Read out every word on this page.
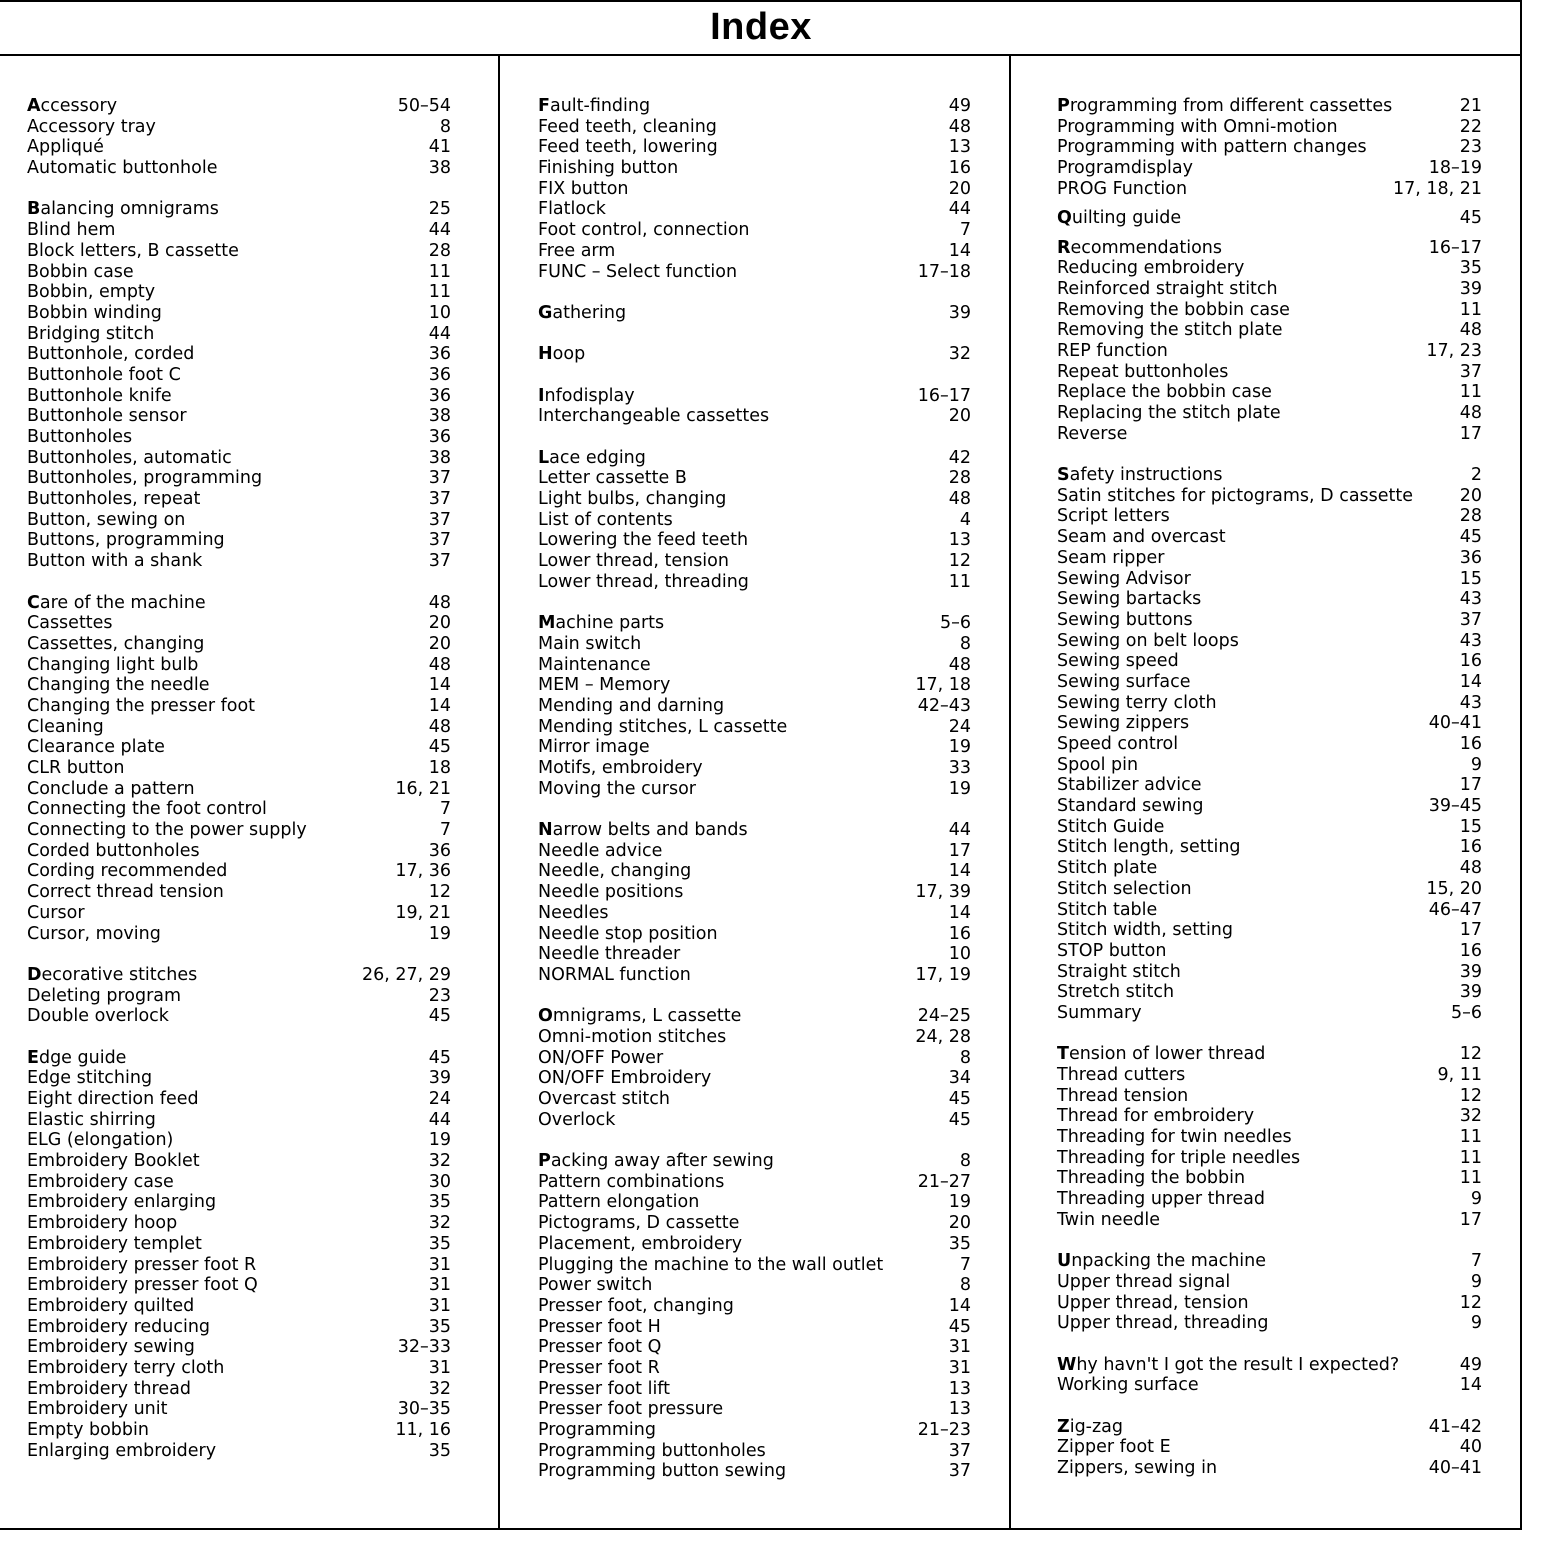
Index
Accessory	50–54
Accessory tray	8
Appliqué	41
Automatic buttonhole	38
Balancing omnigrams	25
Blind hem	44
Block letters, B cassette	28
Bobbin case	11
Bobbin, empty	11
Bobbin winding	10
Bridging stitch	44
Buttonhole, corded	36
Buttonhole foot C	36
Buttonhole knife	36
Buttonhole sensor	38
Buttonholes	36
Buttonholes, automatic	38
Buttonholes, programming	37
Buttonholes, repeat	37
Button, sewing on	37
Buttons, programming	37
Button with a shank	37
Care of the machine	48
Cassettes	20
Cassettes, changing	20
Changing light bulb	48
Changing the needle	14
Changing the presser foot	14
Cleaning	48
Clearance plate	45
CLR button	18
Conclude a pattern	16, 21
Connecting the foot control	7
Connecting to the power supply	7
Corded buttonholes	36
Cording recommended	17, 36
Correct thread tension	12
Cursor	19, 21
Cursor, moving	19
Decorative stitches	26, 27, 29
Deleting program	23
Double overlock	45
Edge guide	45
Edge stitching	39
Eight direction feed	24
Elastic shirring	44
ELG (elongation)	19
Embroidery Booklet	32
Embroidery case	30
Embroidery enlarging	35
Embroidery hoop	32
Embroidery templet	35
Embroidery presser foot R	31
Embroidery presser foot Q	31
Embroidery quilted	31
Embroidery reducing	35
Embroidery sewing	32–33
Embroidery terry cloth	31
Embroidery thread	32
Embroidery unit	30–35
Empty bobbin	11, 16
Enlarging embroidery	35
Fault-finding	49
Feed teeth, cleaning	48
Feed teeth, lowering	13
Finishing button	16
FIX button	20
Flatlock	44
Foot control, connection	7
Free arm	14
FUNC – Select function	17–18
Gathering	39
Hoop	32
Infodisplay	16–17
Interchangeable cassettes	20
Lace edging	42
Letter cassette B	28
Light bulbs, changing	48
List of contents	4
Lowering the feed teeth	13
Lower thread, tension	12
Lower thread, threading	11
Machine parts	5–6
Main switch	8
Maintenance	48
MEM – Memory	17, 18
Mending and darning	42–43
Mending stitches, L cassette	24
Mirror image	19
Motifs, embroidery	33
Moving the cursor	19
Narrow belts and bands	44
Needle advice	17
Needle, changing	14
Needle positions	17, 39
Needles	14
Needle stop position	16
Needle threader	10
NORMAL function	17, 19
Omnigrams, L cassette	24–25
Omni-motion stitches	24, 28
ON/OFF Power	8
ON/OFF Embroidery	34
Overcast stitch	45
Overlock	45
Packing away after sewing	8
Pattern combinations	21–27
Pattern elongation	19
Pictograms, D cassette	20
Placement, embroidery	35
Plugging the machine to the wall outlet	7
Power switch	8
Presser foot, changing	14
Presser foot H	45
Presser foot Q	31
Presser foot R	31
Presser foot lift	13
Presser foot pressure	13
Programming	21–23
Programming buttonholes	37
Programming button sewing	37
Programming from different cassettes	21
Programming with Omni-motion	22
Programming with pattern changes	23
Programdisplay	18–19
PROG Function	17, 18, 21
Quilting guide	45
Recommendations	16–17
Reducing embroidery	35
Reinforced straight stitch	39
Removing the bobbin case	11
Removing the stitch plate	48
REP function	17, 23
Repeat buttonholes	37
Replace the bobbin case	11
Replacing the stitch plate	48
Reverse	17
Safety instructions	2
Satin stitches for pictograms, D cassette	20
Script letters	28
Seam and overcast	45
Seam ripper	36
Sewing Advisor	15
Sewing bartacks	43
Sewing buttons	37
Sewing on belt loops	43
Sewing speed	16
Sewing surface	14
Sewing terry cloth	43
Sewing zippers	40–41
Speed control	16
Spool pin	9
Stabilizer advice	17
Standard sewing	39–45
Stitch Guide	15
Stitch length, setting	16
Stitch plate	48
Stitch selection	15, 20
Stitch table	46–47
Stitch width, setting	17
STOP button	16
Straight stitch	39
Stretch stitch	39
Summary	5–6
Tension of lower thread	12
Thread cutters	9, 11
Thread tension	12
Thread for embroidery	32
Threading for twin needles	11
Threading for triple needles	11
Threading the bobbin	11
Threading upper thread	9
Twin needle	17
Unpacking the machine	7
Upper thread signal	9
Upper thread, tension	12
Upper thread, threading	9
Why havn't I got the result I expected?	49
Working surface	14
Zig-zag	41–42
Zipper foot E	40
Zippers, sewing in	40–41
